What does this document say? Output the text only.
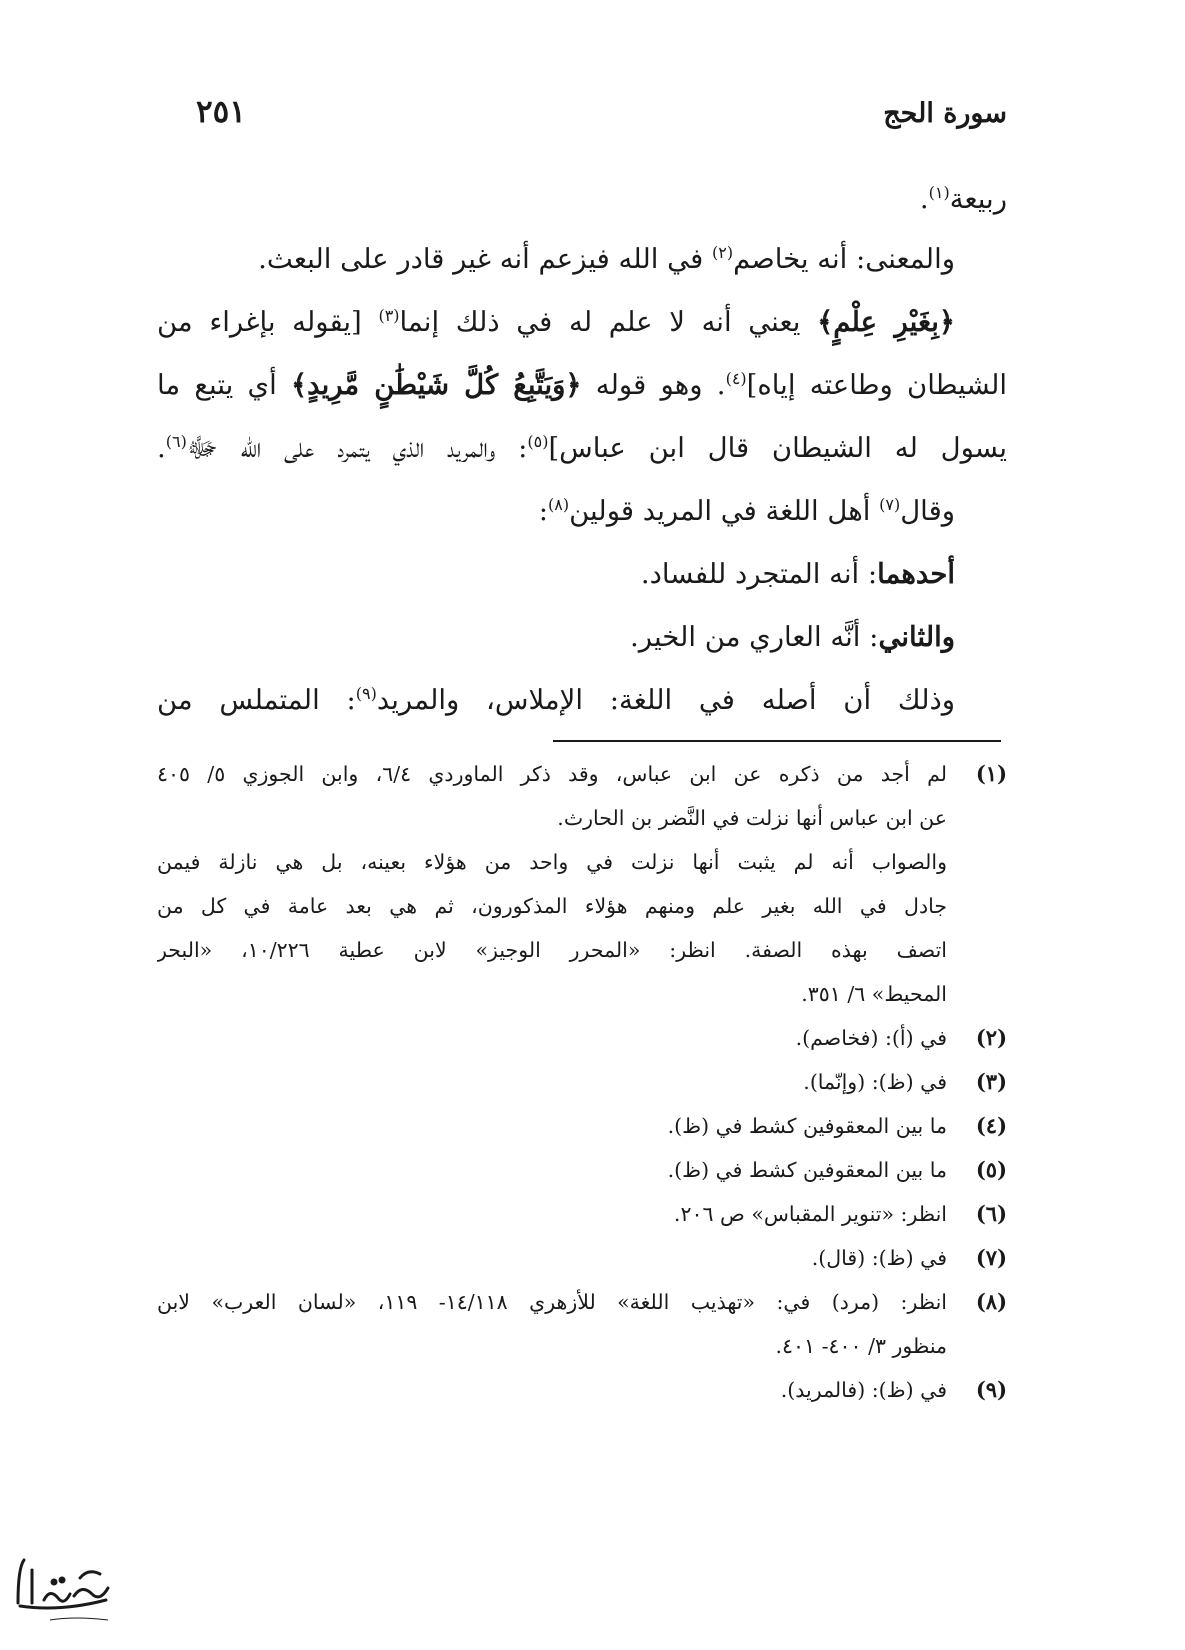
سورة الحج
٢٥١
ربيعة$^{(١)}$.
والمعنى: أنه يخاصم$^{(٢)}$ في الله فيزعم أنه غير قادر على البعث.
﴿بِغَيْرِ عِلْمٍ﴾ يعني أنه لا علم له في ذلك إنما$^{(٣)}$ [يقوله بإغراء من
الشيطان وطاعته إياه]$^{(٤)}$. وهو قوله ﴿وَيَتَّبِعُ كُلَّ شَيْطَٰنٍ مَّرِيدٍ﴾ أي يتبع ما
يسول له الشيطان قال ابن عباس]$^{(٥)}$: والمريد الذي يتمرد على الله ﷻ$^{(٦)}$.
وقال$^{(٧)}$ أهل اللغة في المريد قولين$^{(٨)}$:
أحدهما: أنه المتجرد للفساد.
والثاني: أنَّه العاري من الخير.
وذلك أن أصله في اللغة: الإملاس، والمريد$^{(٩)}$: المتملس من
(١)
لم أجد من ذكره عن ابن عباس، وقد ذكر الماوردي ٦/٤، وابن الجوزي ٥/ ٤٠٥
عن ابن عباس أنها نزلت في النَّضر بن الحارث.
والصواب أنه لم يثبت أنها نزلت في واحد من هؤلاء بعينه، بل هي نازلة فيمن
جادل في الله بغير علم ومنهم هؤلاء المذكورون، ثم هي بعد عامة في كل من
اتصف بهذه الصفة. انظر: «المحرر الوجيز» لابن عطية ١٠/٢٢٦، «البحر
المحيط» ٦/ ٣٥١.
(٢)
في (أ): (فخاصم).
(٣)
في (ظ): (وإنّما).
(٤)
ما بين المعقوفين كشط في (ظ).
(٥)
ما بين المعقوفين كشط في (ظ).
(٦)
انظر: «تنوير المقباس» ص ٢٠٦.
(٧)
في (ظ): (قال).
(٨)
انظر: (مرد) في: «تهذيب اللغة» للأزهري ١٤/١١٨- ١١٩، «لسان العرب» لابن
منظور ٣/ ٤٠٠- ٤٠١.
(٩)
في (ظ): (فالمريد).
